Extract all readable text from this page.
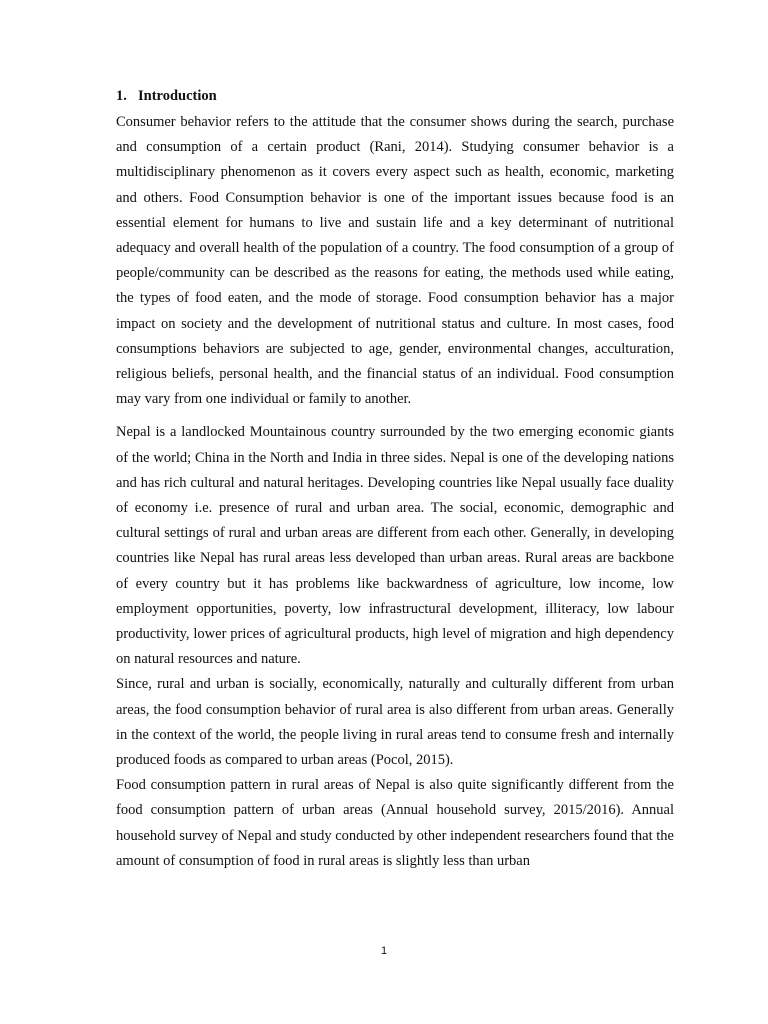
1. Introduction

Consumer behavior refers to the attitude that the consumer shows during the search, purchase and consumption of a certain product (Rani, 2014). Studying consumer behavior is a multidisciplinary phenomenon as it covers every aspect such as health, economic, marketing and others. Food Consumption behavior is one of the important issues because food is an essential element for humans to live and sustain life and a key determinant of nutritional adequacy and overall health of the population of a country. The food consumption of a group of people/community can be described as the reasons for eating, the methods used while eating, the types of food eaten, and the mode of storage. Food consumption behavior has a major impact on society and the development of nutritional status and culture. In most cases, food consumptions behaviors are subjected to age, gender, environmental changes, acculturation, religious beliefs, personal health, and the financial status of an individual. Food consumption may vary from one individual or family to another.

Nepal is a landlocked Mountainous country surrounded by the two emerging economic giants of the world; China in the North and India in three sides. Nepal is one of the developing nations and has rich cultural and natural heritages. Developing countries like Nepal usually face duality of economy i.e. presence of rural and urban area. The social, economic, demographic and cultural settings of rural and urban areas are different from each other. Generally, in developing countries like Nepal has rural areas less developed than urban areas. Rural areas are backbone of every country but it has problems like backwardness of agriculture, low income, low employment opportunities, poverty, low infrastructural development, illiteracy, low labour productivity, lower prices of agricultural products, high level of migration and high dependency on natural resources and nature.

Since, rural and urban is socially, economically, naturally and culturally different from urban areas, the food consumption behavior of rural area is also different from urban areas. Generally in the context of the world, the people living in rural areas tend to consume fresh and internally produced foods as compared to urban areas (Pocol, 2015).

Food consumption pattern in rural areas of Nepal is also quite significantly different from the food consumption pattern of urban areas (Annual household survey, 2015/2016). Annual household survey of Nepal and study conducted by other independent researchers found that the amount of consumption of food in rural areas is slightly less than urban

1
